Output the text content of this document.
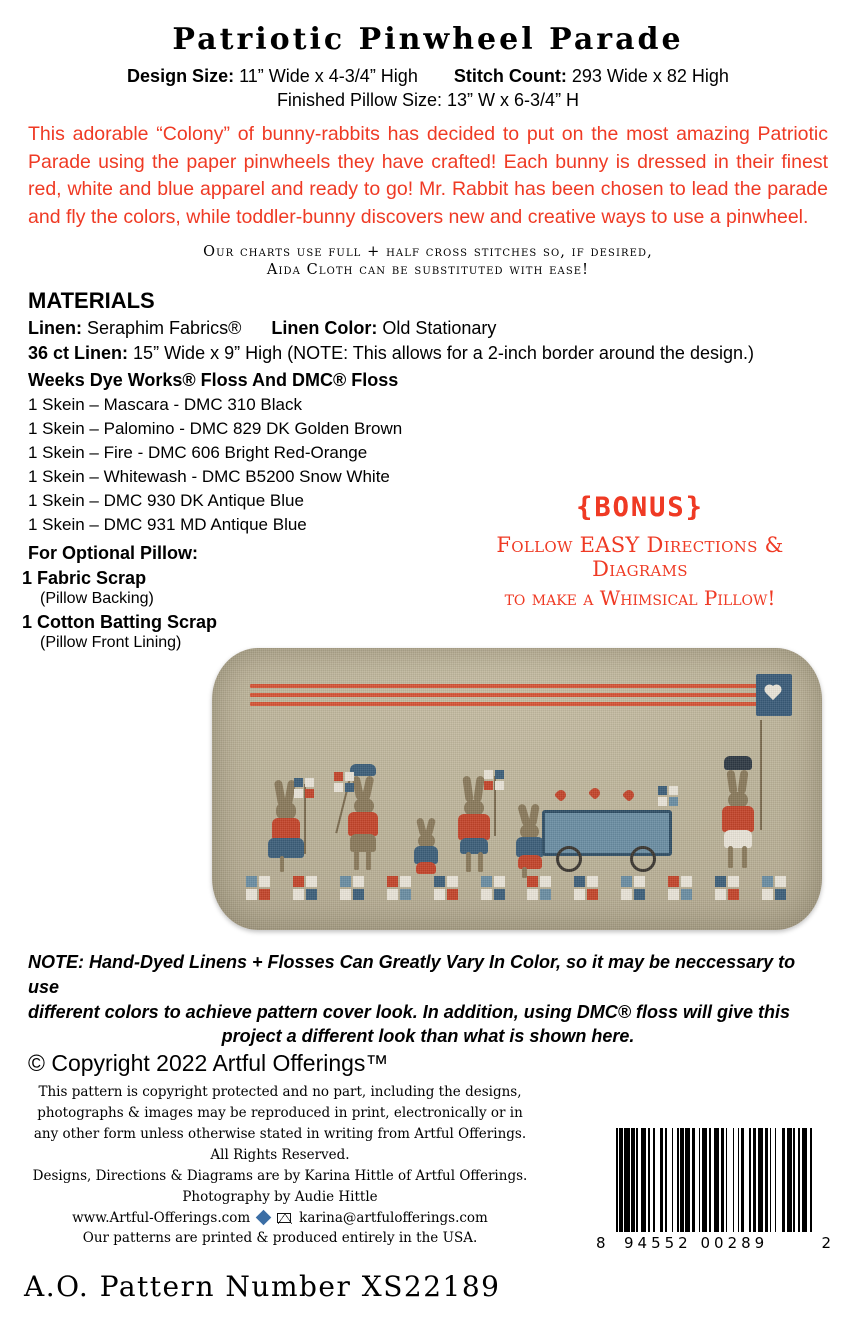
Patriotic Pinwheel Parade
Design Size: 11” Wide x 4-3/4” High Stitch Count: 293 Wide x 82 High
Finished Pillow Size: 13” W x 6-3/4” H
This adorable “Colony” of bunny-rabbits has decided to put on the most amazing Patriotic Parade using the paper pinwheels they have crafted! Each bunny is dressed in their finest red, white and blue apparel and ready to go! Mr. Rabbit has been chosen to lead the parade and fly the colors, while toddler-bunny discovers new and creative ways to use a pinwheel.
Our charts use full + half cross stitches so, if desired,
Aida Cloth can be substituted with ease!
MATERIALS
Linen: Seraphim Fabrics® Linen Color: Old Stationary
36 ct Linen: 15” Wide x 9” High (NOTE: This allows for a 2-inch border around the design.)
Weeks Dye Works® Floss And DMC® Floss
1 Skein – Mascara - DMC 310 Black
1 Skein – Palomino - DMC 829 DK Golden Brown
1 Skein – Fire - DMC 606 Bright Red-Orange
1 Skein – Whitewash - DMC B5200 Snow White
1 Skein – DMC 930 DK Antique Blue
1 Skein – DMC 931 MD Antique Blue
For Optional Pillow:
1 Fabric Scrap
(Pillow Backing)
1 Cotton Batting Scrap
(Pillow Front Lining)
{BONUS}
Follow EASY Directions & Diagrams
to make a Whimsical Pillow!
NOTE: Hand-Dyed Linens + Flosses Can Greatly Vary In Color, so it may be neccessary to use
different colors to achieve pattern cover look. In addition, using DMC® floss will give this
project a different look than what is shown here.
© Copyright 2022 Artful Offerings™
This pattern is copyright protected and no part, including the designs,
photographs & images may be reproduced in print, electronically or in
any other form unless otherwise stated in writing from Artful Offerings.
All Rights Reserved.
Designs, Directions & Diagrams are by Karina Hittle of Artful Offerings.
Photography by Audie Hittle
www.Artful-Offerings.com	karina@artfulofferings.com
Our patterns are printed & produced entirely in the USA.
A.O. Pattern Number XS22189
8 94552 00289	2
